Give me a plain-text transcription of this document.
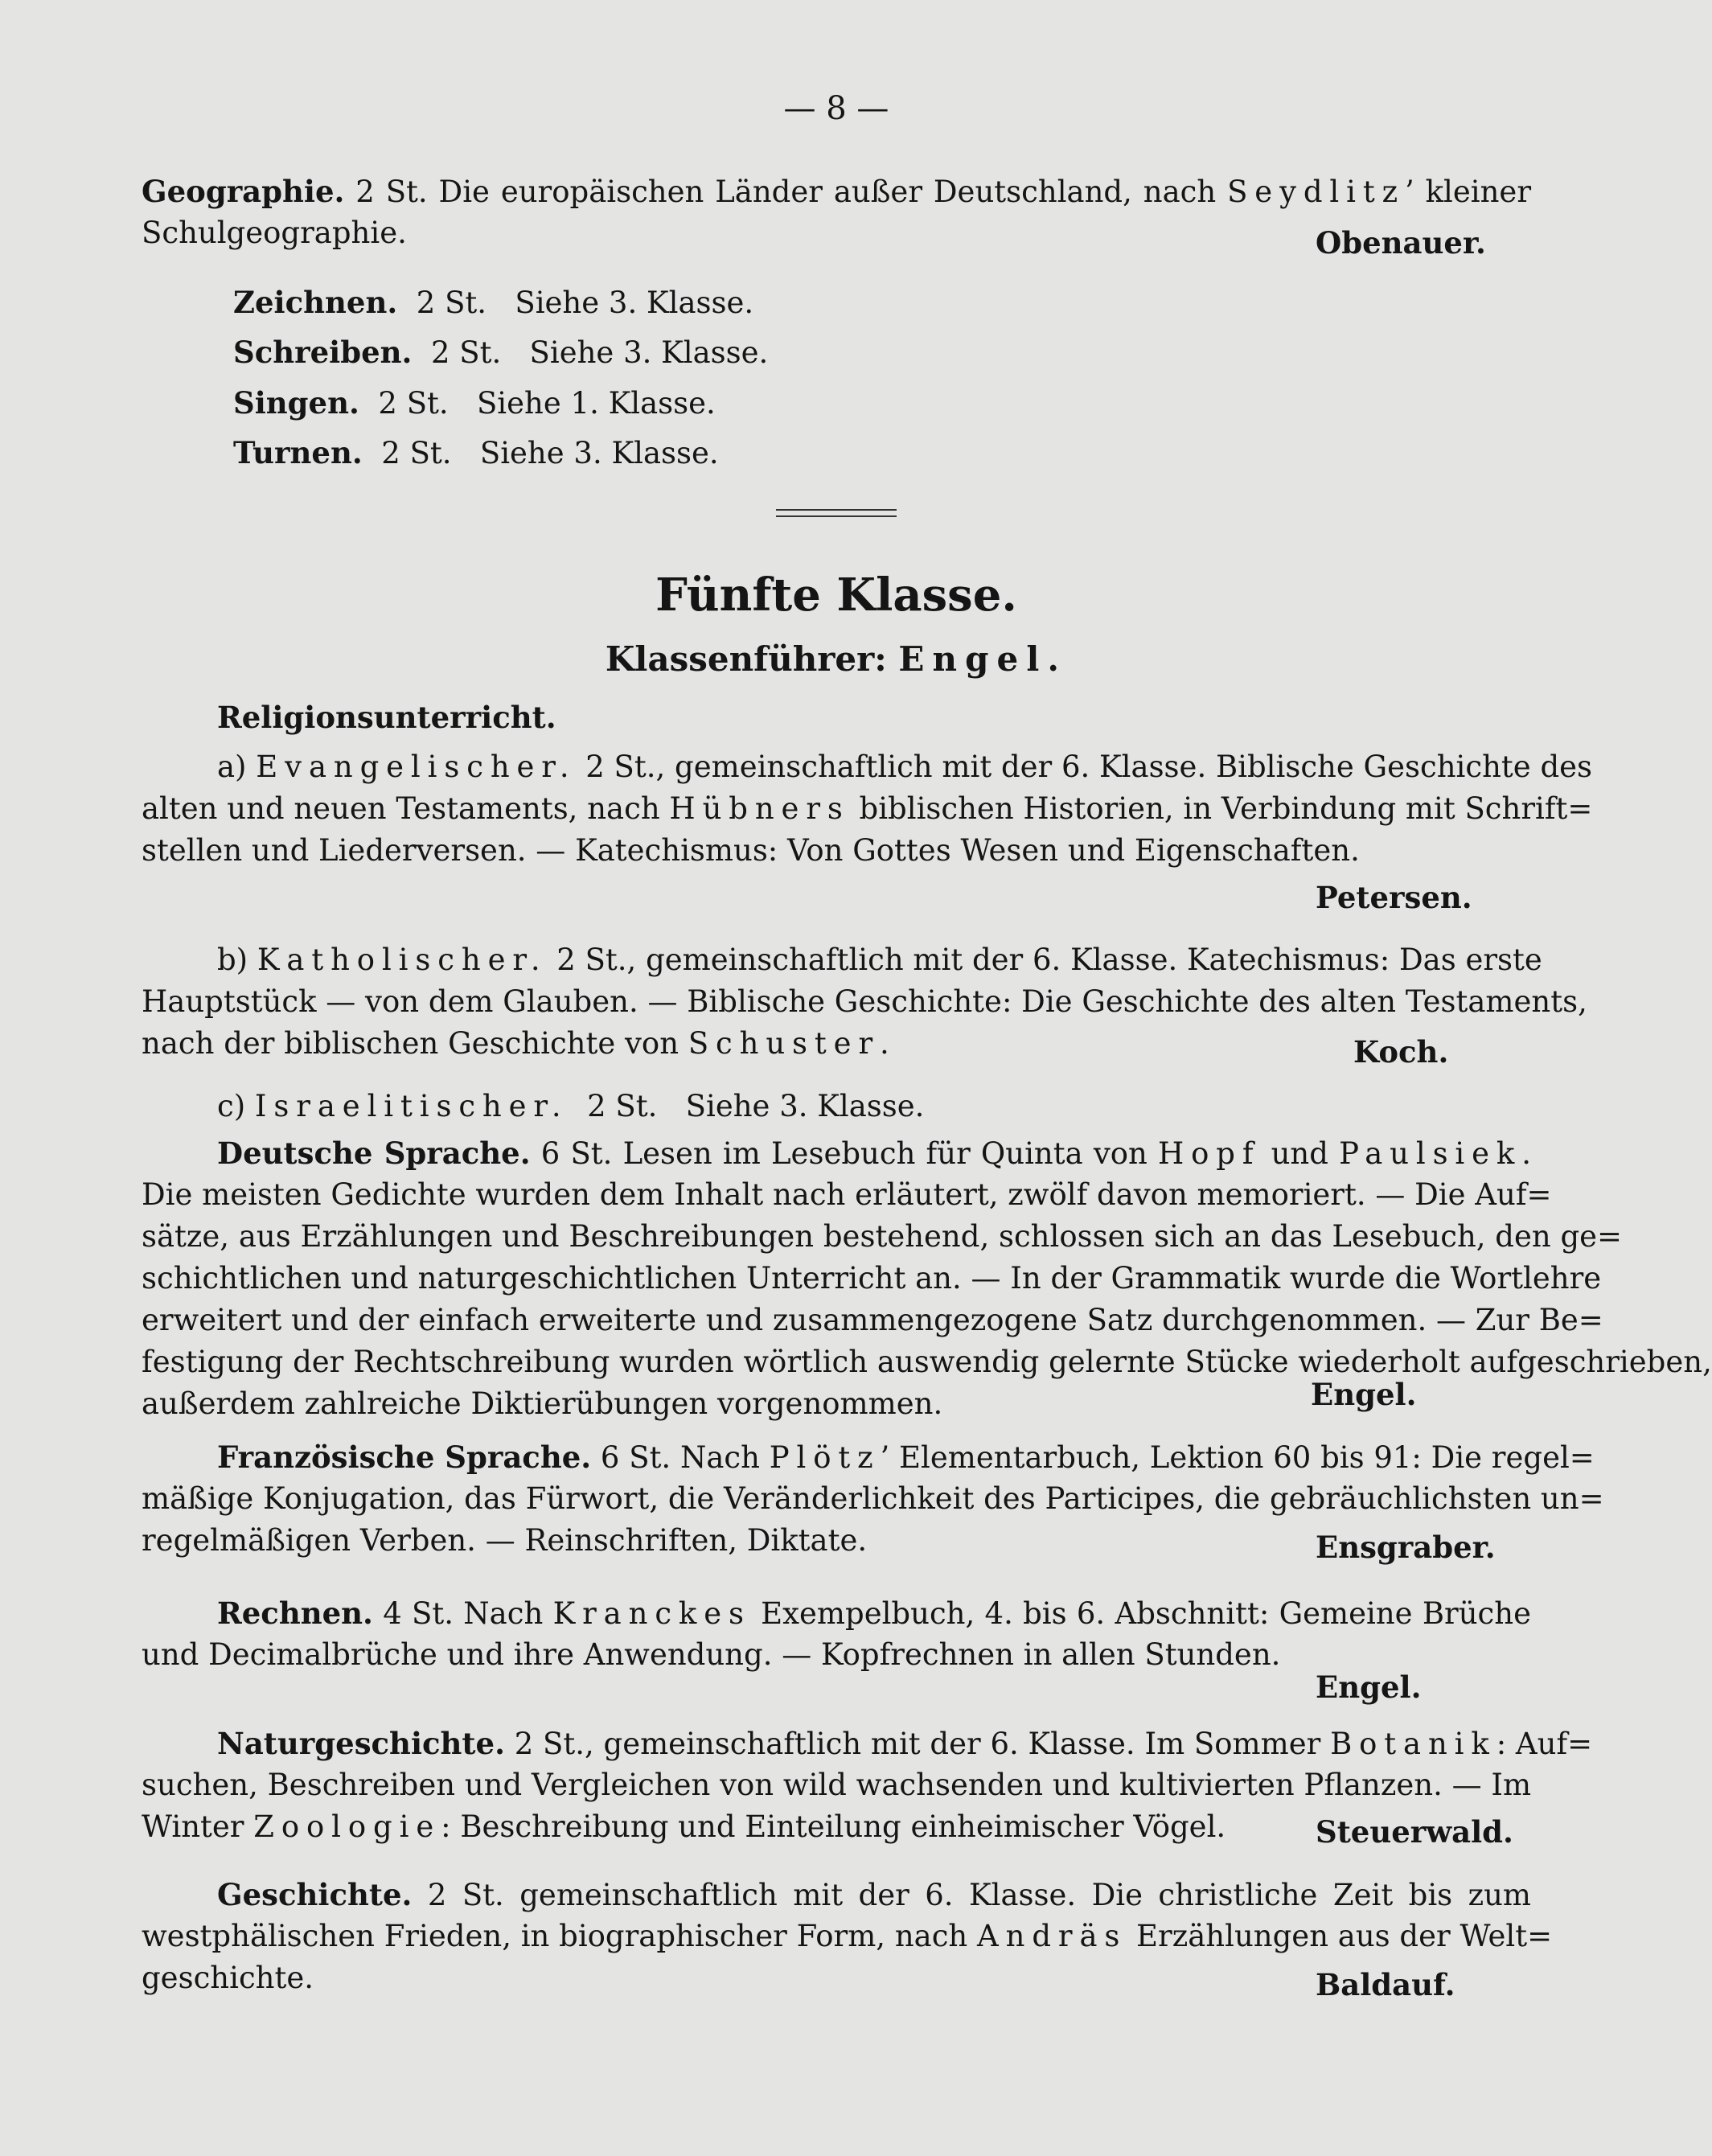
— 8 —
Geographie. 2 St. Die europäischen Länder außer Deutschland, nach Seydlitz’ kleiner
Schulgeographie.	Obenauer.
Zeichnen.  2 St.   Siehe 3. Klasse.
Schreiben.  2 St.   Siehe 3. Klasse.
Singen.  2 St.   Siehe 1. Klasse.
Turnen.  2 St.   Siehe 3. Klasse.
Fünfte Klasse.
Klassenführer: Engel.
Religionsunterricht.
a) Evangelischer. 2 St., gemeinschaftlich mit der 6. Klasse. Biblische Geschichte des
alten und neuen Testaments, nach Hübners biblischen Historien, in Verbindung mit Schrift=
stellen und Liederversen. — Katechismus: Von Gottes Wesen und Eigenschaften.
Petersen.
b) Katholischer. 2 St., gemeinschaftlich mit der 6. Klasse. Katechismus: Das erste
Hauptstück — von dem Glauben. — Biblische Geschichte: Die Geschichte des alten Testaments,
nach der biblischen Geschichte von Schuster.	Koch.
c) Israelitischer.  2 St.   Siehe 3. Klasse.
Deutsche Sprache. 6 St. Lesen im Lesebuch für Quinta von Hopf und Paulsiek.
Die meisten Gedichte wurden dem Inhalt nach erläutert, zwölf davon memoriert. — Die Auf=
sätze, aus Erzählungen und Beschreibungen bestehend, schlossen sich an das Lesebuch, den ge=
schichtlichen und naturgeschichtlichen Unterricht an. — In der Grammatik wurde die Wortlehre
erweitert und der einfach erweiterte und zusammengezogene Satz durchgenommen. — Zur Be=
festigung der Rechtschreibung wurden wörtlich auswendig gelernte Stücke wiederholt aufgeschrieben,
außerdem zahlreiche Diktierübungen vorgenommen.	Engel.
Französische Sprache. 6 St. Nach Plötz’ Elementarbuch, Lektion 60 bis 91: Die regel=
mäßige Konjugation, das Fürwort, die Veränderlichkeit des Participes, die gebräuchlichsten un=
regelmäßigen Verben. — Reinschriften, Diktate.	Ensgraber.
Rechnen. 4 St. Nach Kranckes Exempelbuch, 4. bis 6. Abschnitt: Gemeine Brüche
und Decimalbrüche und ihre Anwendung. — Kopfrechnen in allen Stunden.
Engel.
Naturgeschichte. 2 St., gemeinschaftlich mit der 6. Klasse. Im Sommer Botanik: Auf=
suchen, Beschreiben und Vergleichen von wild wachsenden und kultivierten Pflanzen. — Im
Winter Zoologie: Beschreibung und Einteilung einheimischer Vögel.	Steuerwald.
Geschichte. 2 St. gemeinschaftlich mit der 6. Klasse. Die christliche Zeit bis zum
westphälischen Frieden, in biographischer Form, nach Andräs Erzählungen aus der Welt=
geschichte.	Baldauf.
